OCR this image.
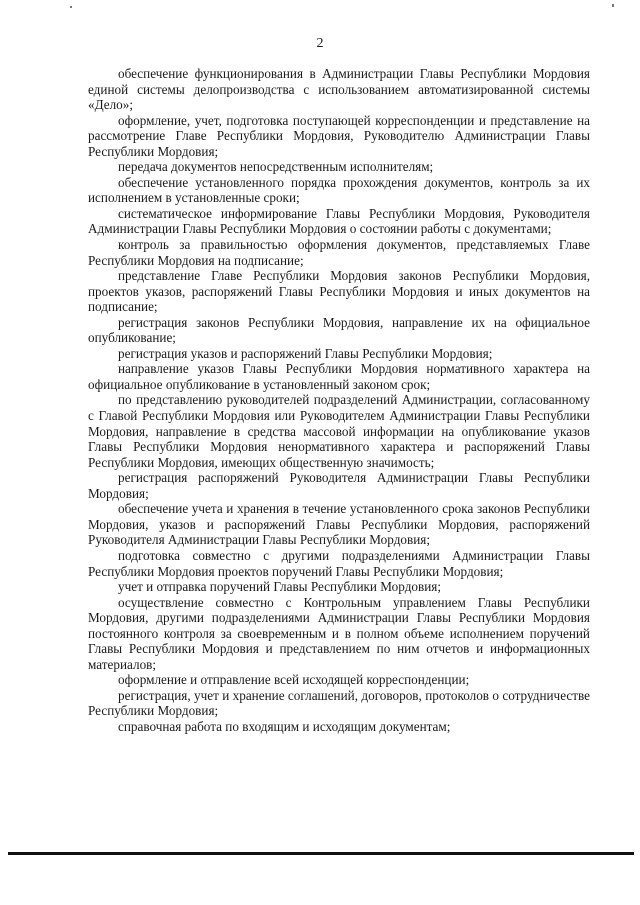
2

обеспечение функционирования в Администрации Главы Республики Мордовия единой системы делопроизводства с использованием автоматизированной системы «Дело»;

оформление, учет, подготовка поступающей корреспонденции и представление на рассмотрение Главе Республики Мордовия, Руководителю Администрации Главы Республики Мордовия;

передача документов непосредственным исполнителям;

обеспечение установленного порядка прохождения документов, контроль за их исполнением в установленные сроки;

систематическое информирование Главы Республики Мордовия, Руководителя Администрации Главы Республики Мордовия о состоянии работы с документами;

контроль за правильностью оформления документов, представляемых Главе Республики Мордовия на подписание;

представление Главе Республики Мордовия законов Республики Мордовия, проектов указов, распоряжений Главы Республики Мордовия и иных документов на подписание;

регистрация законов Республики Мордовия, направление их на официальное опубликование;

регистрация указов и распоряжений Главы Республики Мордовия;

направление указов Главы Республики Мордовия нормативного характера на официальное опубликование в установленный законом срок;

по представлению руководителей подразделений Администрации, согласованному с Главой Республики Мордовия или Руководителем Администрации Главы Республики Мордовия, направление в средства массовой информации на опубликование указов Главы Республики Мордовия ненормативного характера и распоряжений Главы Республики Мордовия, имеющих общественную значимость;

регистрация распоряжений Руководителя Администрации Главы Республики Мордовия;

обеспечение учета и хранения в течение установленного срока законов Республики Мордовия, указов и распоряжений Главы Республики Мордовия, распоряжений Руководителя Администрации Главы Республики Мордовия;

подготовка совместно с другими подразделениями Администрации Главы Республики Мордовия проектов поручений Главы Республики Мордовия;

учет и отправка поручений Главы Республики Мордовия;

осуществление совместно с Контрольным управлением Главы Республики Мордовия, другими подразделениями Администрации Главы Республики Мордовия постоянного контроля за своевременным и в полном объеме исполнением поручений Главы Республики Мордовия и представлением по ним отчетов и информационных материалов;

оформление и отправление всей исходящей корреспонденции;

регистрация, учет и хранение соглашений, договоров, протоколов о сотрудничестве Республики Мордовия;

справочная работа по входящим и исходящим документам;
